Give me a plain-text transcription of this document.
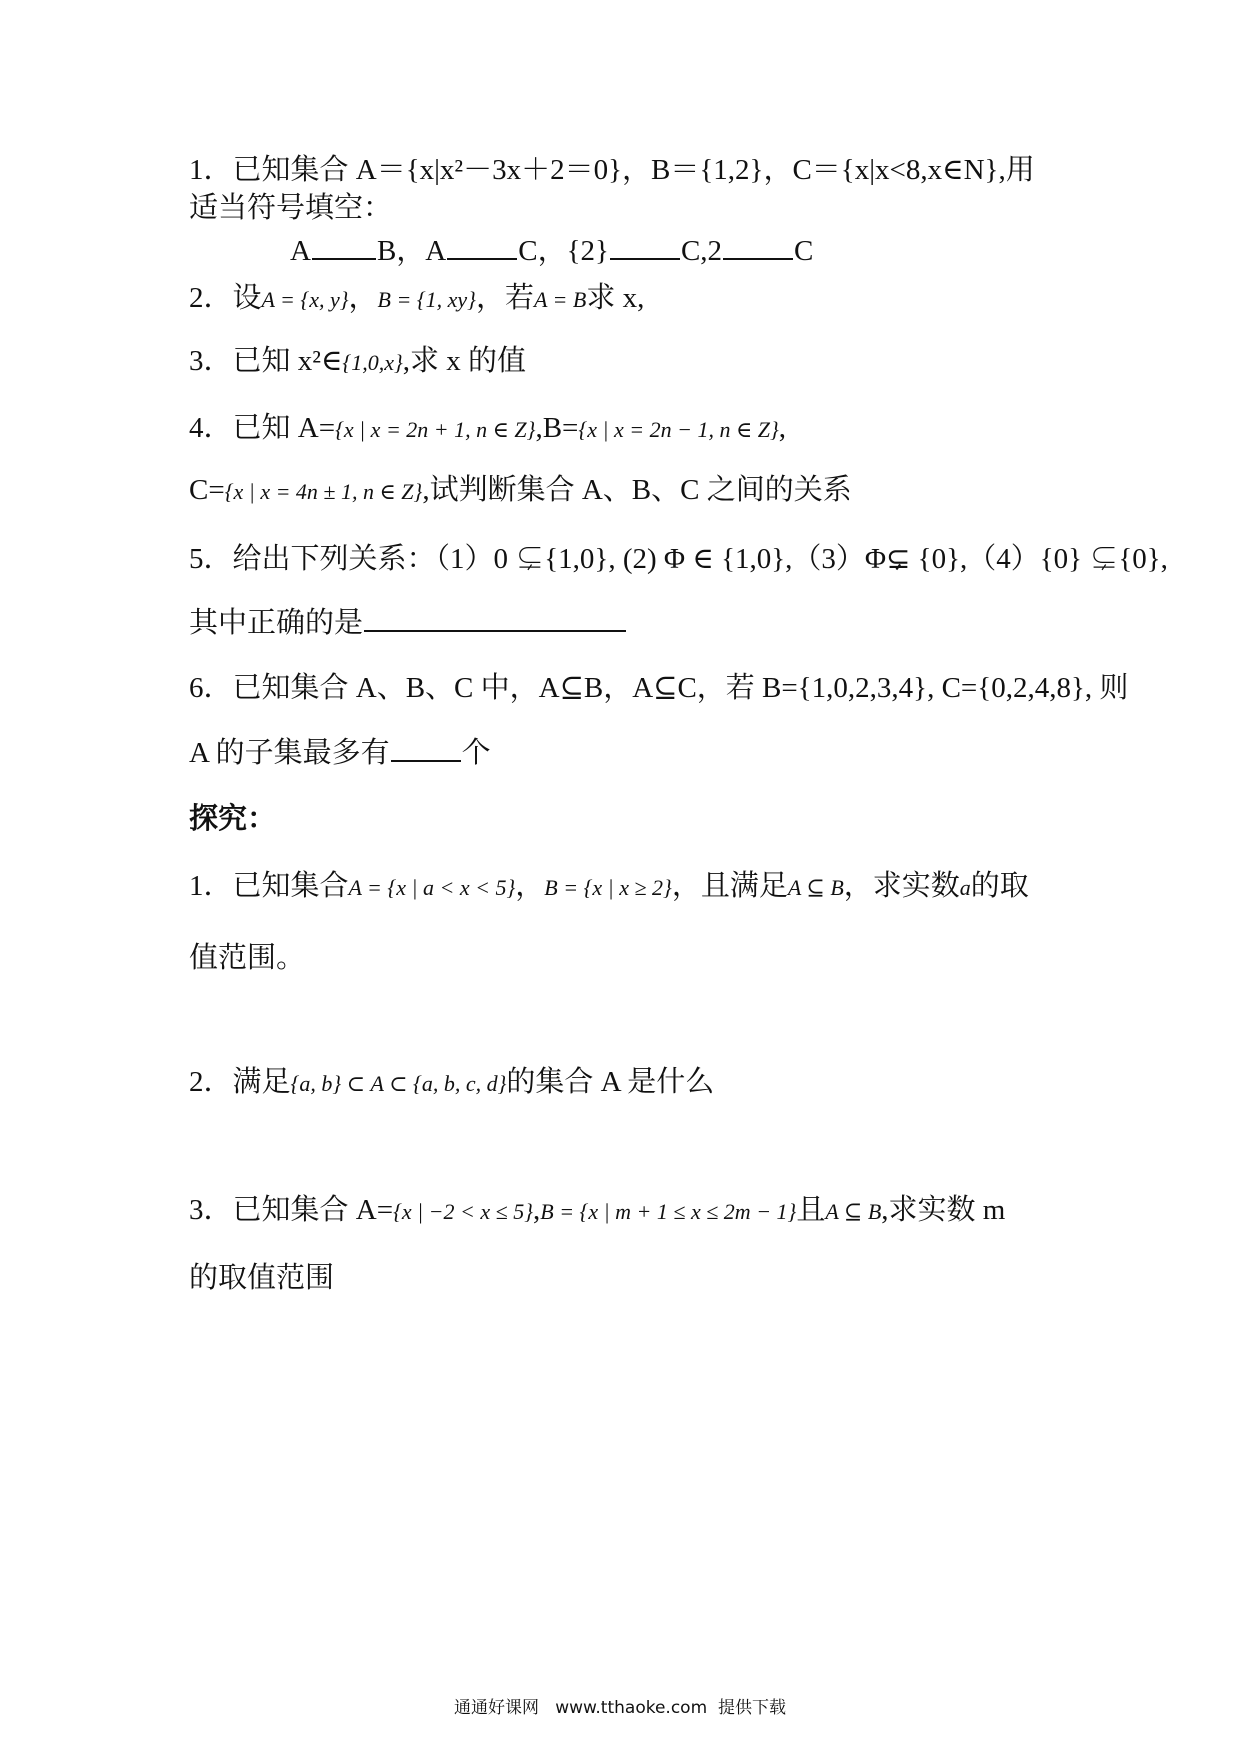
1．已知集合 A＝{x|x²－3x＋2＝0}，B＝{1,2}，C＝{x|x<8,x∈N},用
适当符号填空：
A B，A C，{2} C,2 C
2．设A = {x, y}，B = {1, xy}，若A = B求 x,
3．已知 x²∈{1,0,x},求 x 的值
4．已知 A={x | x = 2n + 1, n ∈ Z},B={x | x = 2n − 1, n ∈ Z},
C={x | x = 4n ± 1, n ∈ Z},试判断集合 A、B、C 之间的关系
5．给出下列关系：（1）0 ⊊{1,0}, (2) Φ ∈ {1,0},（3）Φ⊊ {0},（4）{0} ⊊{0},
其中正确的是
6．已知集合 A、B、C 中，A⊆B，A⊆C，若 B={1,0,2,3,4}, C={0,2,4,8}, 则
A 的子集最多有 个
探究：
1．已知集合A = {x | a < x < 5}，B = {x | x ≥ 2}，且满足A ⊆ B，求实数a的取
值范围。
2．满足{a, b} ⊂ A ⊂ {a, b, c, d}的集合 A 是什么
3．已知集合 A={x | −2 < x ≤ 5},B = {x | m + 1 ≤ x ≤ 2m − 1}且A ⊆ B,求实数 m
的取值范围
通通好课网   www.tthaoke.com  提供下载
